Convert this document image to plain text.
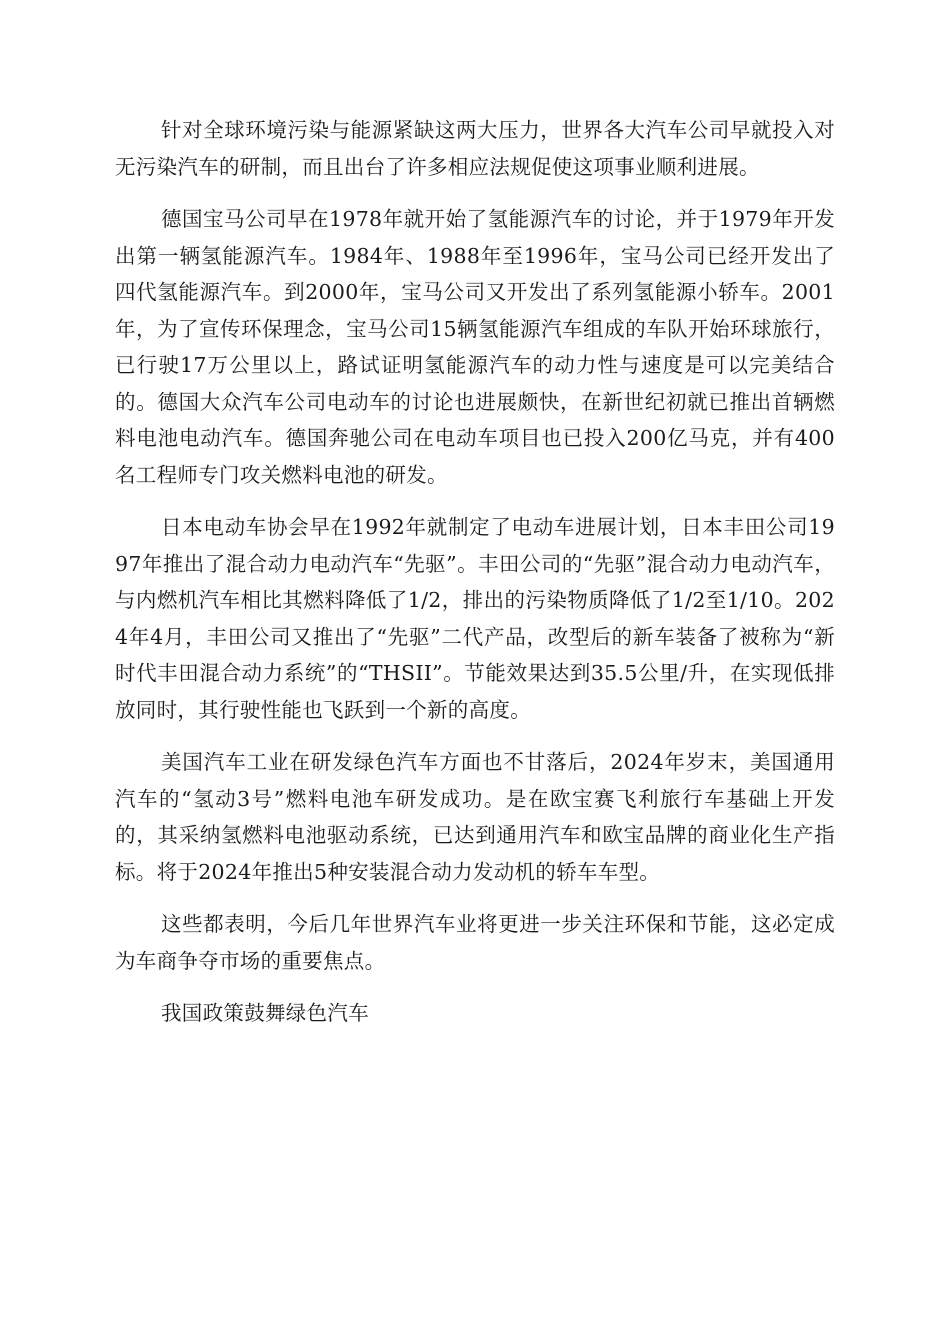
针对全球环境污染与能源紧缺这两大压力，世界各大汽车公司早就投入对无污染汽车的研制，而且出台了许多相应法规促使这项事业顺利进展。

德国宝马公司早在1978年就开始了氢能源汽车的讨论，并于1979年开发出第一辆氢能源汽车。1984年、1988年至1996年，宝马公司已经开发出了四代氢能源汽车。到2000年，宝马公司又开发出了系列氢能源小轿车。2001年，为了宣传环保理念，宝马公司15辆氢能源汽车组成的车队开始环球旅行，已行驶17万公里以上，路试证明氢能源汽车的动力性与速度是可以完美结合的。德国大众汽车公司电动车的讨论也进展颇快，在新世纪初就已推出首辆燃料电池电动汽车。德国奔驰公司在电动车项目也已投入200亿马克，并有400名工程师专门攻关燃料电池的研发。

日本电动车协会早在1992年就制定了电动车进展计划，日本丰田公司1997年推出了混合动力电动汽车“先驱”。丰田公司的“先驱”混合动力电动汽车，与内燃机汽车相比其燃料降低了1/2，排出的污染物质降低了1/2至1/10。2024年4月，丰田公司又推出了“先驱”二代产品，改型后的新车装备了被称为“新时代丰田混合动力系统”的“THSII”。节能效果达到35.5公里/升，在实现低排放同时，其行驶性能也飞跃到一个新的高度。

美国汽车工业在研发绿色汽车方面也不甘落后，2024年岁末，美国通用汽车的“氢动3号”燃料电池车研发成功。是在欧宝赛飞利旅行车基础上开发的，其采纳氢燃料电池驱动系统，已达到通用汽车和欧宝品牌的商业化生产指标。将于2024年推出5种安装混合动力发动机的轿车车型。

这些都表明，今后几年世界汽车业将更进一步关注环保和节能，这必定成为车商争夺市场的重要焦点。

我国政策鼓舞绿色汽车
